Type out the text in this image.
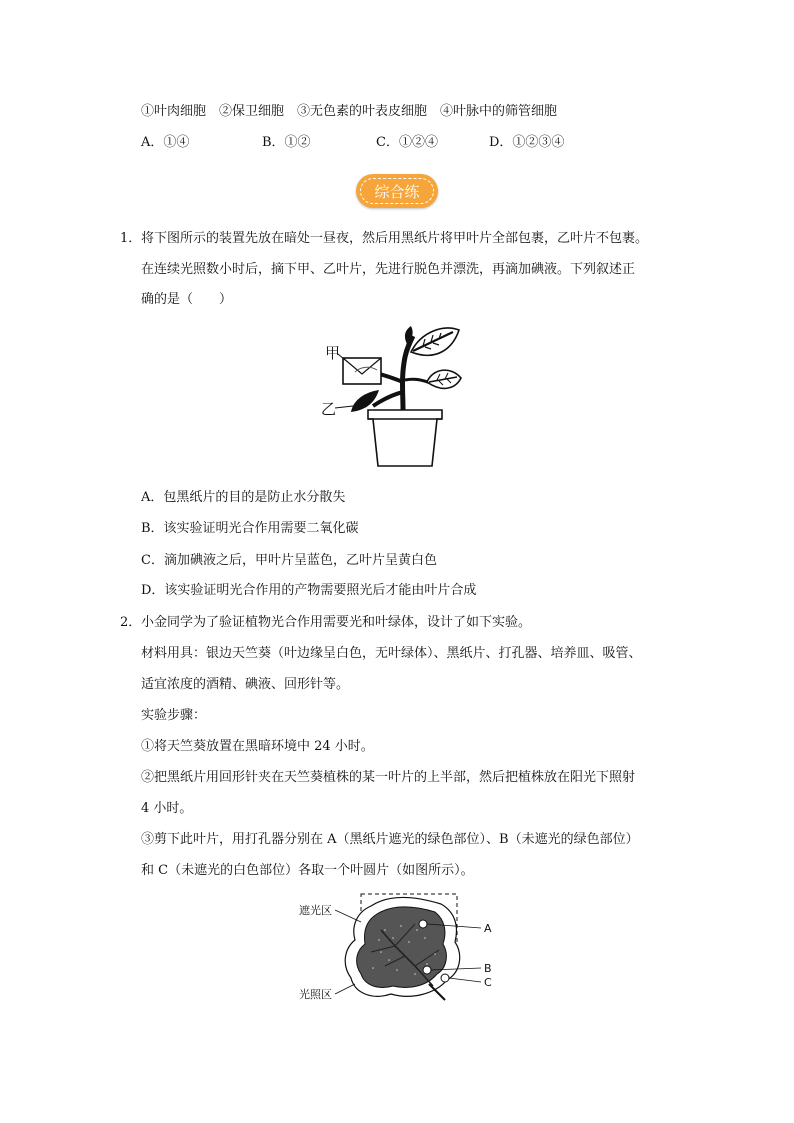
①叶肉细胞　②保卫细胞　③无色素的叶表皮细胞　④叶脉中的筛管细胞
A．①④	B．①②	C．①②④	D．①②③④
综合练
1． 将下图所示的装置先放在暗处一昼夜，然后用黑纸片将甲叶片全部包裹，乙叶片不包裹。
在连续光照数小时后，摘下甲、乙叶片，先进行脱色并漂洗，再滴加碘液。下列叙述正
确的是（　　）
甲
乙
A．包黑纸片的目的是防止水分散失
B．该实验证明光合作用需要二氧化碳
C．滴加碘液之后，甲叶片呈蓝色，乙叶片呈黄白色
D．该实验证明光合作用的产物需要照光后才能由叶片合成
2． 小金同学为了验证植物光合作用需要光和叶绿体，设计了如下实验。
材料用具：银边天竺葵（叶边缘呈白色，无叶绿体）、黑纸片、打孔器、培养皿、吸管、
适宜浓度的酒精、碘液、回形针等。
实验步骤：
①将天竺葵放置在黑暗环境中 24 小时。
②把黑纸片用回形针夹在天竺葵植株的某一叶片的上半部，然后把植株放在阳光下照射
4 小时。
③剪下此叶片，用打孔器分别在 A（黑纸片遮光的绿色部位）、B（未遮光的绿色部位）
和 C（未遮光的白色部位）各取一个叶圆片（如图所示）。
A
B
C
遮光区
光照区
